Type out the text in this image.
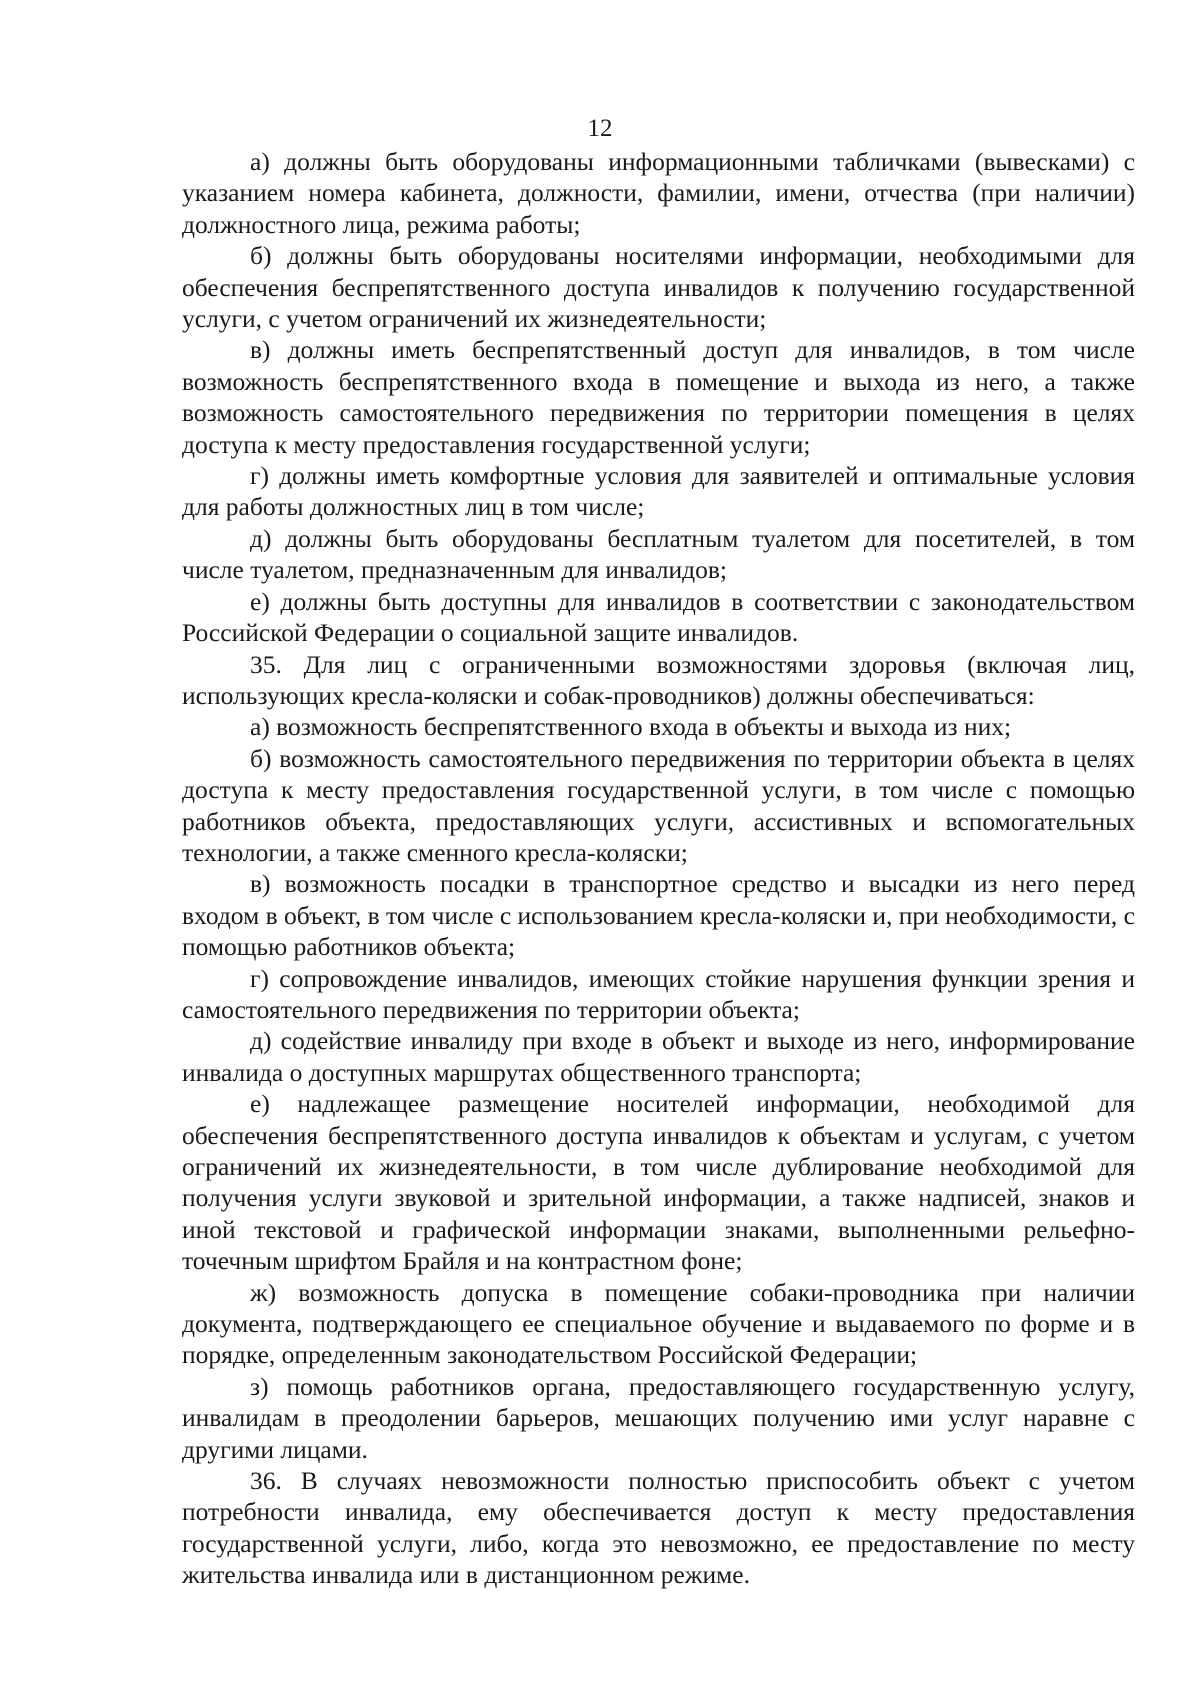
12

а) должны быть оборудованы информационными табличками (вывесками) с указанием номера кабинета, должности, фамилии, имени, отчества (при наличии) должностного лица, режима работы;

б) должны быть оборудованы носителями информации, необходимыми для обеспечения беспрепятственного доступа инвалидов к получению государственной услуги, с учетом ограничений их жизнедеятельности;

в) должны иметь беспрепятственный доступ для инвалидов, в том числе возможность беспрепятственного входа в помещение и выхода из него, а также возможность самостоятельного передвижения по территории помещения в целях доступа к месту предоставления государственной услуги;

г) должны иметь комфортные условия для заявителей и оптимальные условия для работы должностных лиц в том числе;

д) должны быть оборудованы бесплатным туалетом для посетителей, в том числе туалетом, предназначенным для инвалидов;

е) должны быть доступны для инвалидов в соответствии с законодательством Российской Федерации о социальной защите инвалидов.

35. Для лиц с ограниченными возможностями здоровья (включая лиц, использующих кресла-коляски и собак-проводников) должны обеспечиваться:

а) возможность беспрепятственного входа в объекты и выхода из них;

б) возможность самостоятельного передвижения по территории объекта в целях доступа к месту предоставления государственной услуги, в том числе с помощью работников объекта, предоставляющих услуги, ассистивных и вспомогательных технологии, а также сменного кресла-коляски;

в) возможность посадки в транспортное средство и высадки из него перед входом в объект, в том числе с использованием кресла-коляски и, при необходимости, с помощью работников объекта;

г) сопровождение инвалидов, имеющих стойкие нарушения функции зрения и самостоятельного передвижения по территории объекта;

д) содействие инвалиду при входе в объект и выходе из него, информирование инвалида о доступных маршрутах общественного транспорта;

е) надлежащее размещение носителей информации, необходимой для обеспечения беспрепятственного доступа инвалидов к объектам и услугам, с учетом ограничений их жизнедеятельности, в том числе дублирование необходимой для получения услуги звуковой и зрительной информации, а также надписей, знаков и иной текстовой и графической информации знаками, выполненными рельефно-точечным шрифтом Брайля и на контрастном фоне;

ж) возможность допуска в помещение собаки-проводника при наличии документа, подтверждающего ее специальное обучение и выдаваемого по форме и в порядке, определенным законодательством Российской Федерации;

з) помощь работников органа, предоставляющего государственную услугу, инвалидам в преодолении барьеров, мешающих получению ими услуг наравне с другими лицами.

36. В случаях невозможности полностью приспособить объект с учетом потребности инвалида, ему обеспечивается доступ к месту предоставления государственной услуги, либо, когда это невозможно, ее предоставление по месту жительства инвалида или в дистанционном режиме.
